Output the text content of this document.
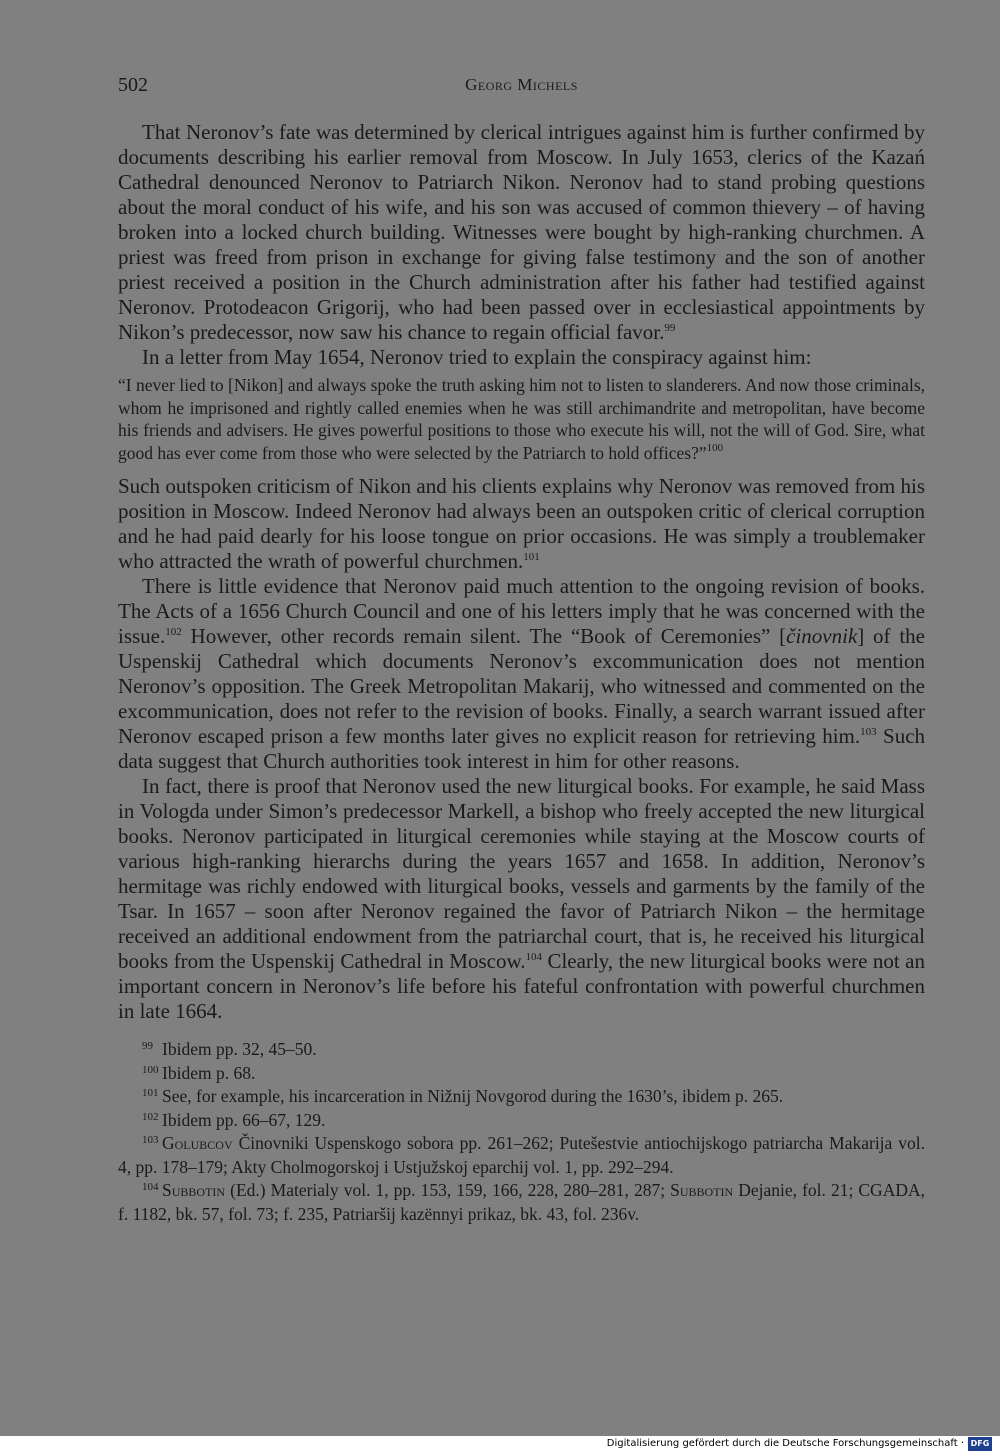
502	Georg Michels

That Neronov’s fate was determined by clerical intrigues against him is further confirmed by documents describing his earlier removal from Moscow. In July 1653, clerics of the Kazań Cathedral denounced Neronov to Patriarch Nikon. Neronov had to stand probing questions about the moral conduct of his wife, and his son was accused of common thievery – of having broken into a locked church building. Witnesses were bought by high-ranking churchmen. A priest was freed from prison in exchange for giving false testimony and the son of another priest received a position in the Church administration after his father had testified against Neronov. Protodeacon Grigorij, who had been passed over in ecclesiastical appointments by Nikon’s predecessor, now saw his chance to regain official favor.$^{99}$

In a letter from May 1654, Neronov tried to explain the conspiracy against him:

“I never lied to [Nikon] and always spoke the truth asking him not to listen to slanderers. And now those criminals, whom he imprisoned and rightly called enemies when he was still archimandrite and metropolitan, have become his friends and advisers. He gives powerful positions to those who execute his will, not the will of God. Sire, what good has ever come from those who were selected by the Patriarch to hold offices?”$^{100}$

Such outspoken criticism of Nikon and his clients explains why Neronov was removed from his position in Moscow. Indeed Neronov had always been an outspoken critic of clerical corruption and he had paid dearly for his loose tongue on prior occasions. He was simply a troublemaker who attracted the wrath of powerful churchmen.$^{101}$

There is little evidence that Neronov paid much attention to the ongoing revision of books. The Acts of a 1656 Church Council and one of his letters imply that he was concerned with the issue.$^{102}$ However, other records remain silent. The “Book of Ceremonies” [činovnik] of the Uspenskij Cathedral which documents Neronov’s excommunication does not mention Neronov’s opposition. The Greek Metropolitan Makarij, who witnessed and commented on the excommunication, does not refer to the revision of books. Finally, a search warrant issued after Neronov escaped prison a few months later gives no explicit reason for retrieving him.$^{103}$ Such data suggest that Church authorities took interest in him for other reasons.

In fact, there is proof that Neronov used the new liturgical books. For example, he said Mass in Vologda under Simon’s predecessor Markell, a bishop who freely accepted the new liturgical books. Neronov participated in liturgical ceremonies while staying at the Moscow courts of various high-ranking hierarchs during the years 1657 and 1658. In addition, Neronov’s hermitage was richly endowed with liturgical books, vessels and garments by the family of the Tsar. In 1657 – soon after Neronov regained the favor of Patriarch Nikon – the hermitage received an additional endowment from the patriarchal court, that is, he received his liturgical books from the Uspenskij Cathedral in Moscow.$^{104}$ Clearly, the new liturgical books were not an important concern in Neronov’s life before his fateful confrontation with powerful churchmen in late 1664.

99 Ibidem pp. 32, 45–50.

100 Ibidem p. 68.

101 See, for example, his incarceration in Nižnij Novgorod during the 1630’s, ibidem p. 265.

102 Ibidem pp. 66–67, 129.

103 Golubcov Činovniki Uspenskogo sobora pp. 261–262; Putešestvie antiochijskogo patriarcha Makarija vol. 4, pp. 178–179; Akty Cholmogorskoj i Ustjužskoj eparchij vol. 1, pp. 292–294.

104 Subbotin (Ed.) Materialy vol. 1, pp. 153, 159, 166, 228, 280–281, 287; Subbotin Dejanie, fol. 21; CGADA, f. 1182, bk. 57, fol. 73; f. 235, Patriaršij kazënnyi prikaz, bk. 43, fol. 236v.

Digitalisierung gefördert durch die Deutsche Forschungsgemeinschaft · DFG
